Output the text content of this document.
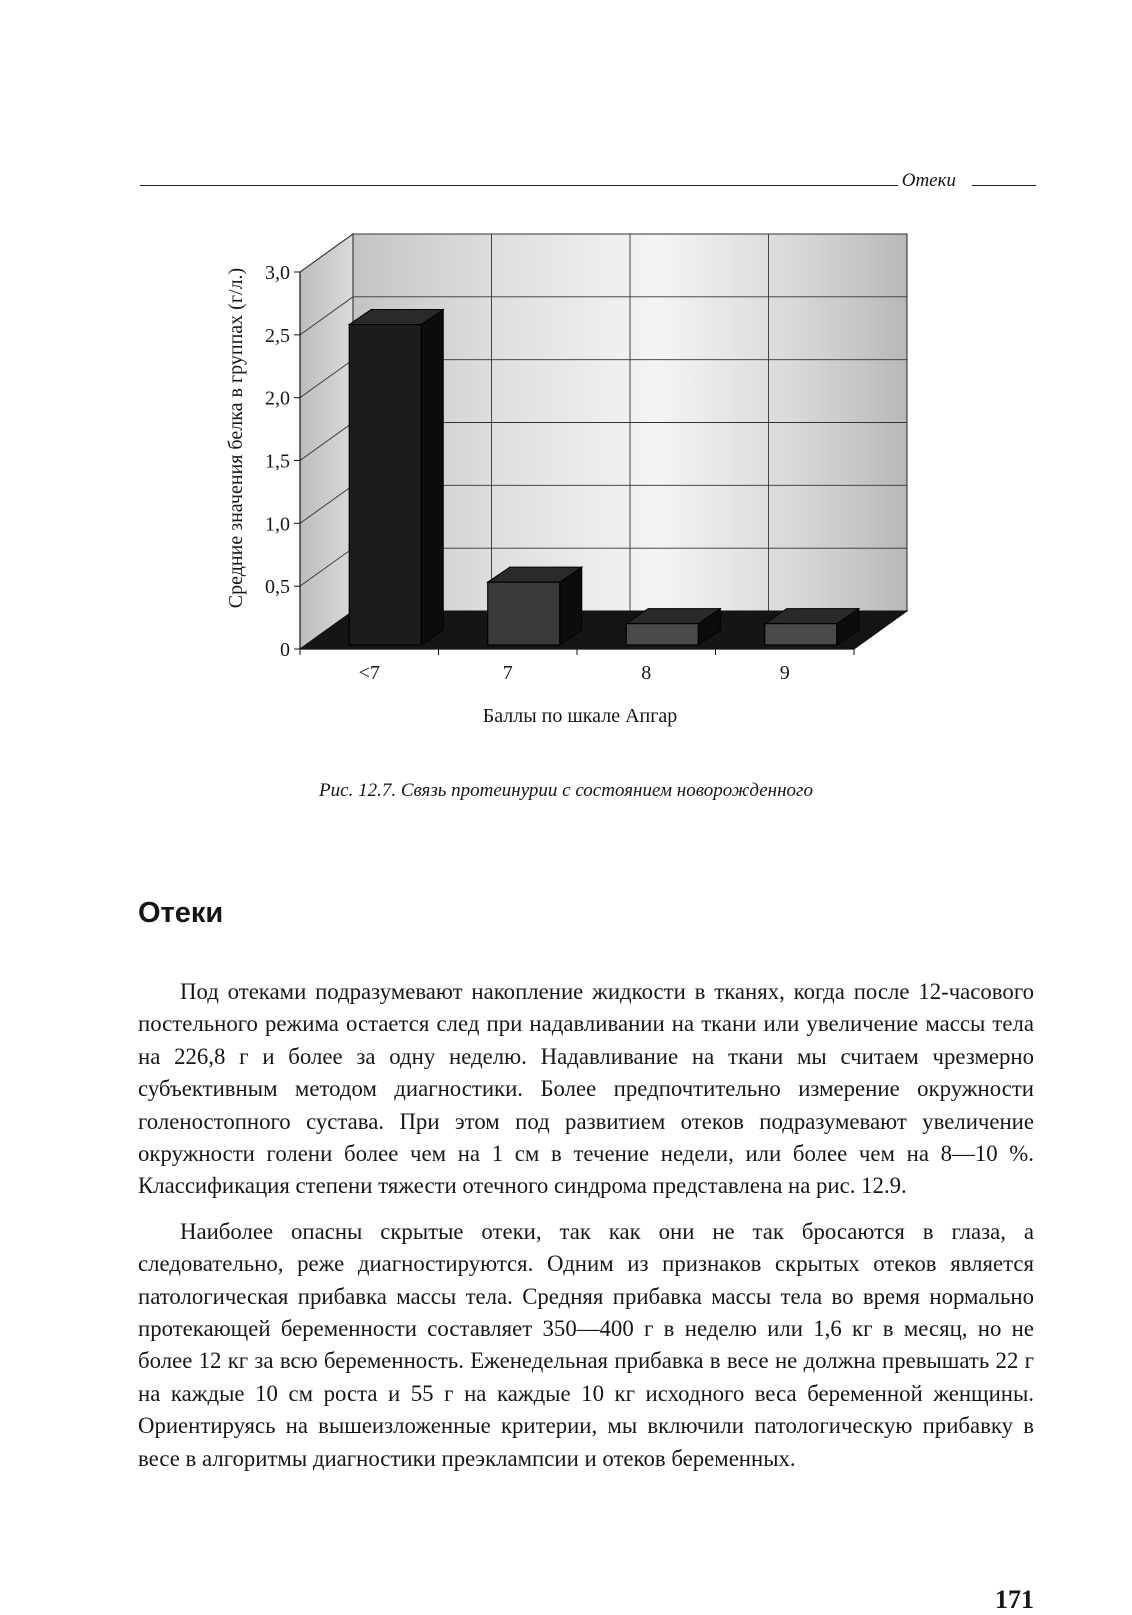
Отеки
0
0,5
1,0
1,5
2,0
2,5
3,0
<7	7	8	9
Баллы по шкале Апгар
Средние значения белка в группах (г/л.)
Рис. 12.7. Связь протеинурии с состоянием новорожденного
Отеки

Под отеками подразумевают накопление жидкости в тканях, когда после 12-часового постельного режима остается след при надавливании на ткани или увеличение массы тела на 226,8 г и более за одну неделю. Надавливание на ткани мы считаем чрезмерно субъективным методом диагностики. Более предпочтительно измерение окружности голеностопного сустава. При этом под развитием отеков подразумевают увеличение окружности голени более чем на 1 см в течение недели, или более чем на 8—10 %. Классификация степени тяжести отечного синдрома представлена на рис. 12.9.

Наиболее опасны скрытые отеки, так как они не так бросаются в глаза, а следовательно, реже диагностируются. Одним из признаков скрытых отеков является патологическая прибавка массы тела. Средняя прибавка массы тела во время нормально протекающей беременности составляет 350—400 г в неделю или 1,6 кг в месяц, но не более 12 кг за всю беременность. Еженедельная прибавка в весе не должна превышать 22 г на каждые 10 см роста и 55 г на каждые 10 кг исходного веса беременной женщины. Ориентируясь на вышеизложенные критерии, мы включили патологическую прибавку в весе в алгоритмы диагностики преэклампсии и отеков беременных.

171
